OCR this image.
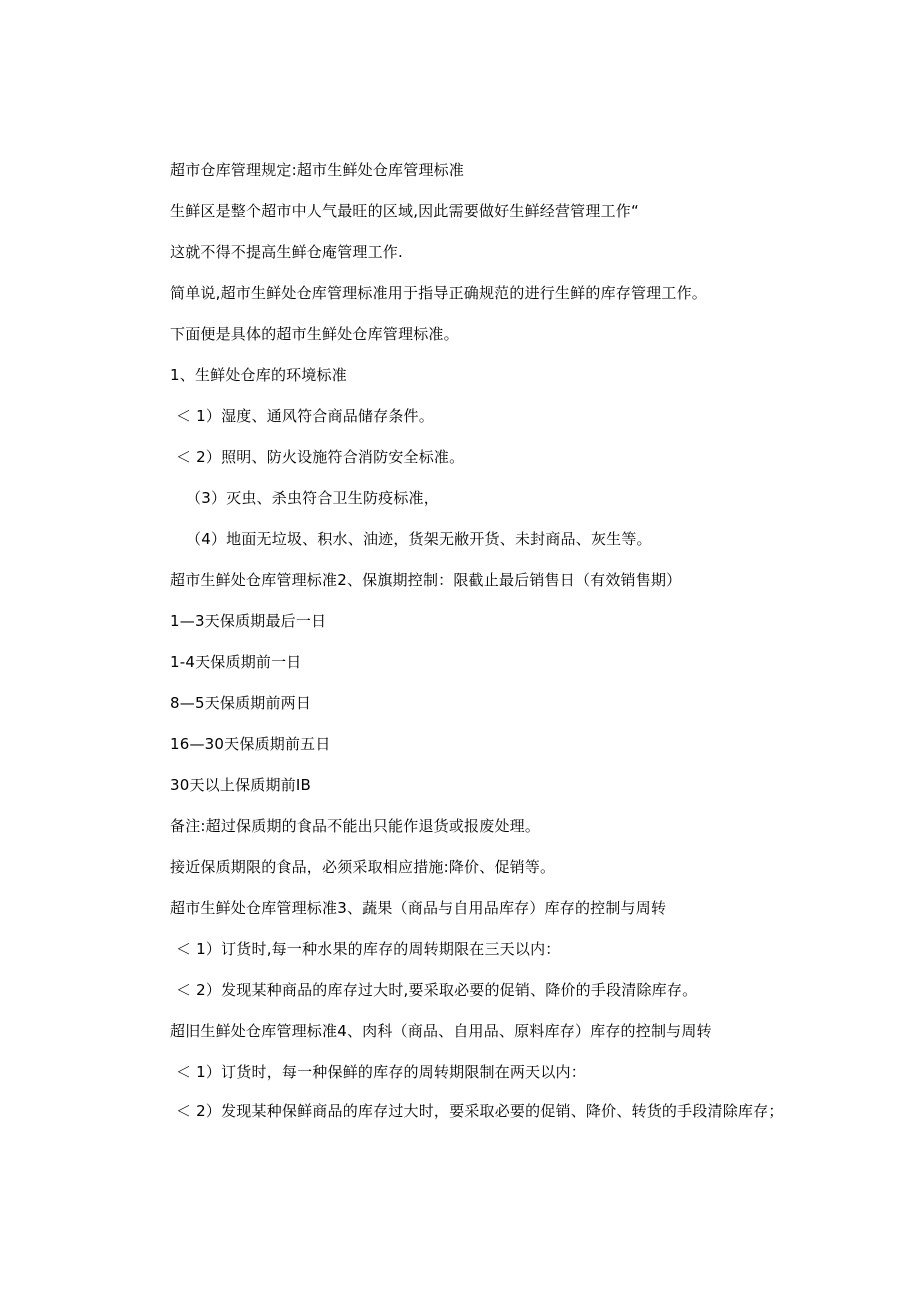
超市仓库管理规定:超市生鲜处仓库管理标准
生鲜区是整个超市中人气最旺的区域,因此需要做好生鲜经营管理工作“
这就不得不提高生鲜仓庵管理工作.
简单说,超市生鲜处仓库管理标准用于指导正确规范的进行生鲜的库存管理工作。
下面便是具体的超市生鲜处仓库管理标准。
1、生鲜处仓库的环境标准
＜ 1）湿度、通风符合商品储存条件。
＜ 2）照明、防火设施符合消防安全标准。
（3）灭虫、杀虫符合卫生防疫标准，
（4）地面无垃圾、积水、油迹，货架无敝开货、未封商品、灰生等。
超市生鲜处仓库管理标准2、保旗期控制：限截止最后销售日（有效销售期）
1—3天保质期最后一日
1-4天保质期前一日
8—5天保质期前两日
16—30天保质期前五日
30天以上保质期前IB
备注:超过保质期的食品不能出只能作退货或报废处理。
接近保质期限的食品，必须采取相应措施:降价、促销等。
超市生鲜处仓库管理标准3、蔬果（商品与自用品库存）库存的控制与周转
＜ 1）订货时,每一种水果的库存的周转期限在三天以内：
＜ 2）发现某种商品的库存过大时,要采取必要的促销、降价的手段清除库存。
超旧生鲜处仓库管理标准4、肉科（商品、自用品、原料库存）库存的控制与周转
＜ 1）订货时，每一种保鲜的库存的周转期限制在两天以内：
＜ 2）发现某种保鲜商品的库存过大时，要采取必要的促销、降价、转货的手段清除库存；
